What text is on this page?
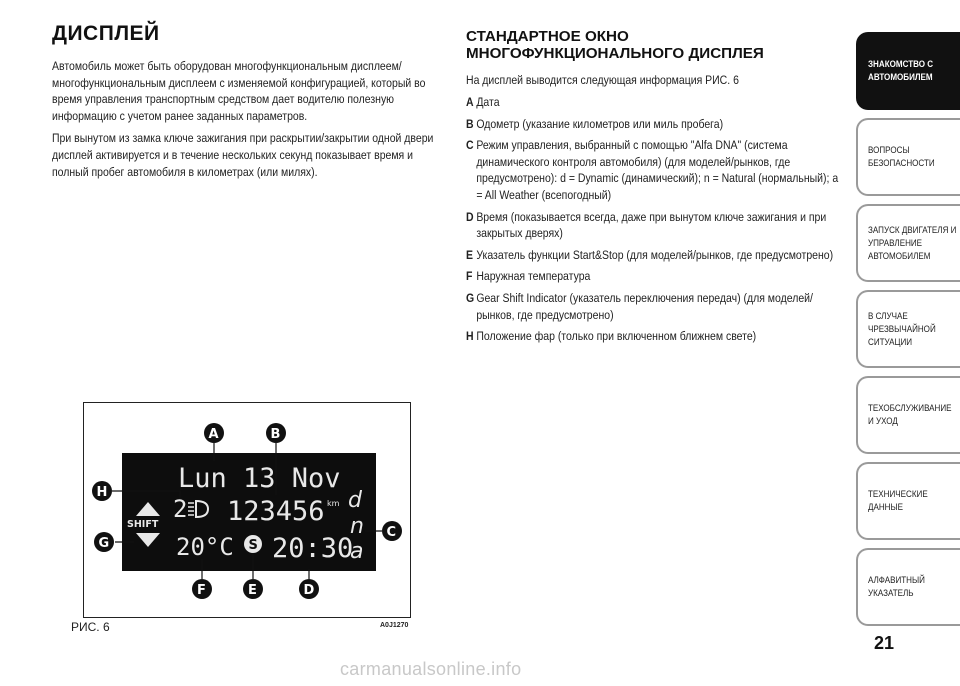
ДИСПЛЕЙ
Автомобиль может быть оборудован многофункциональным дисплеем/многофункциональным дисплеем с изменяемой конфигурацией, который во время управления транспортным средством дает водителю полезную информацию с учетом ранее заданных параметров.
При вынутом из замка ключе зажигания при раскрытии/закрытии одной двери дисплей активируется и в течение нескольких секунд показывает время и полный пробег автомобиля в километрах (или милях).
СТАНДАРТНОЕ ОКНО
МНОГОФУНКЦИОНАЛЬНОГО ДИСПЛЕЯ
На дисплей выводится следующая информация РИС. 6
A Дата
B Одометр (указание километров или миль пробега)
C Режим управления, выбранный с помощью "Alfa DNA" (система динамического контроля автомобиля) (для моделей/рынков, где предусмотрено): d = Dynamic (динамический); n = Natural (нормальный); a = All Weather (всепогодный)
D Время (показывается всегда, даже при вынутом ключе зажигания и при закрытых дверях)
E Указатель функции Start&Stop (для моделей/рынков, где предусмотрено)
F Наружная температура
G Gear Shift Indicator (указатель переключения передач) (для моделей/рынков, где предусмотрено)
H Положение фар (только при включенном ближнем свете)
Lun 13 Nov
SHIFT
2 123456 km d
n
a
20°C S 20:30
A	B
C
D
E
F
G
H
РИС. 6	A0J1270
ЗНАКОМСТВО С
АВТОМОБИЛЕМ
ВОПРОСЫ
БЕЗОПАСНОСТИ
ЗАПУСК ДВИГАТЕЛЯ И
УПРАВЛЕНИЕ
АВТОМОБИЛЕМ
В СЛУЧАЕ
ЧРЕЗВЫЧАЙНОЙ
СИТУАЦИИ
ТЕХОБСЛУЖИВАНИЕ
И УХОД
ТЕХНИЧЕСКИЕ
ДАННЫЕ
АЛФАВИТНЫЙ
УКАЗАТЕЛЬ
21
carmanualsonline.info
